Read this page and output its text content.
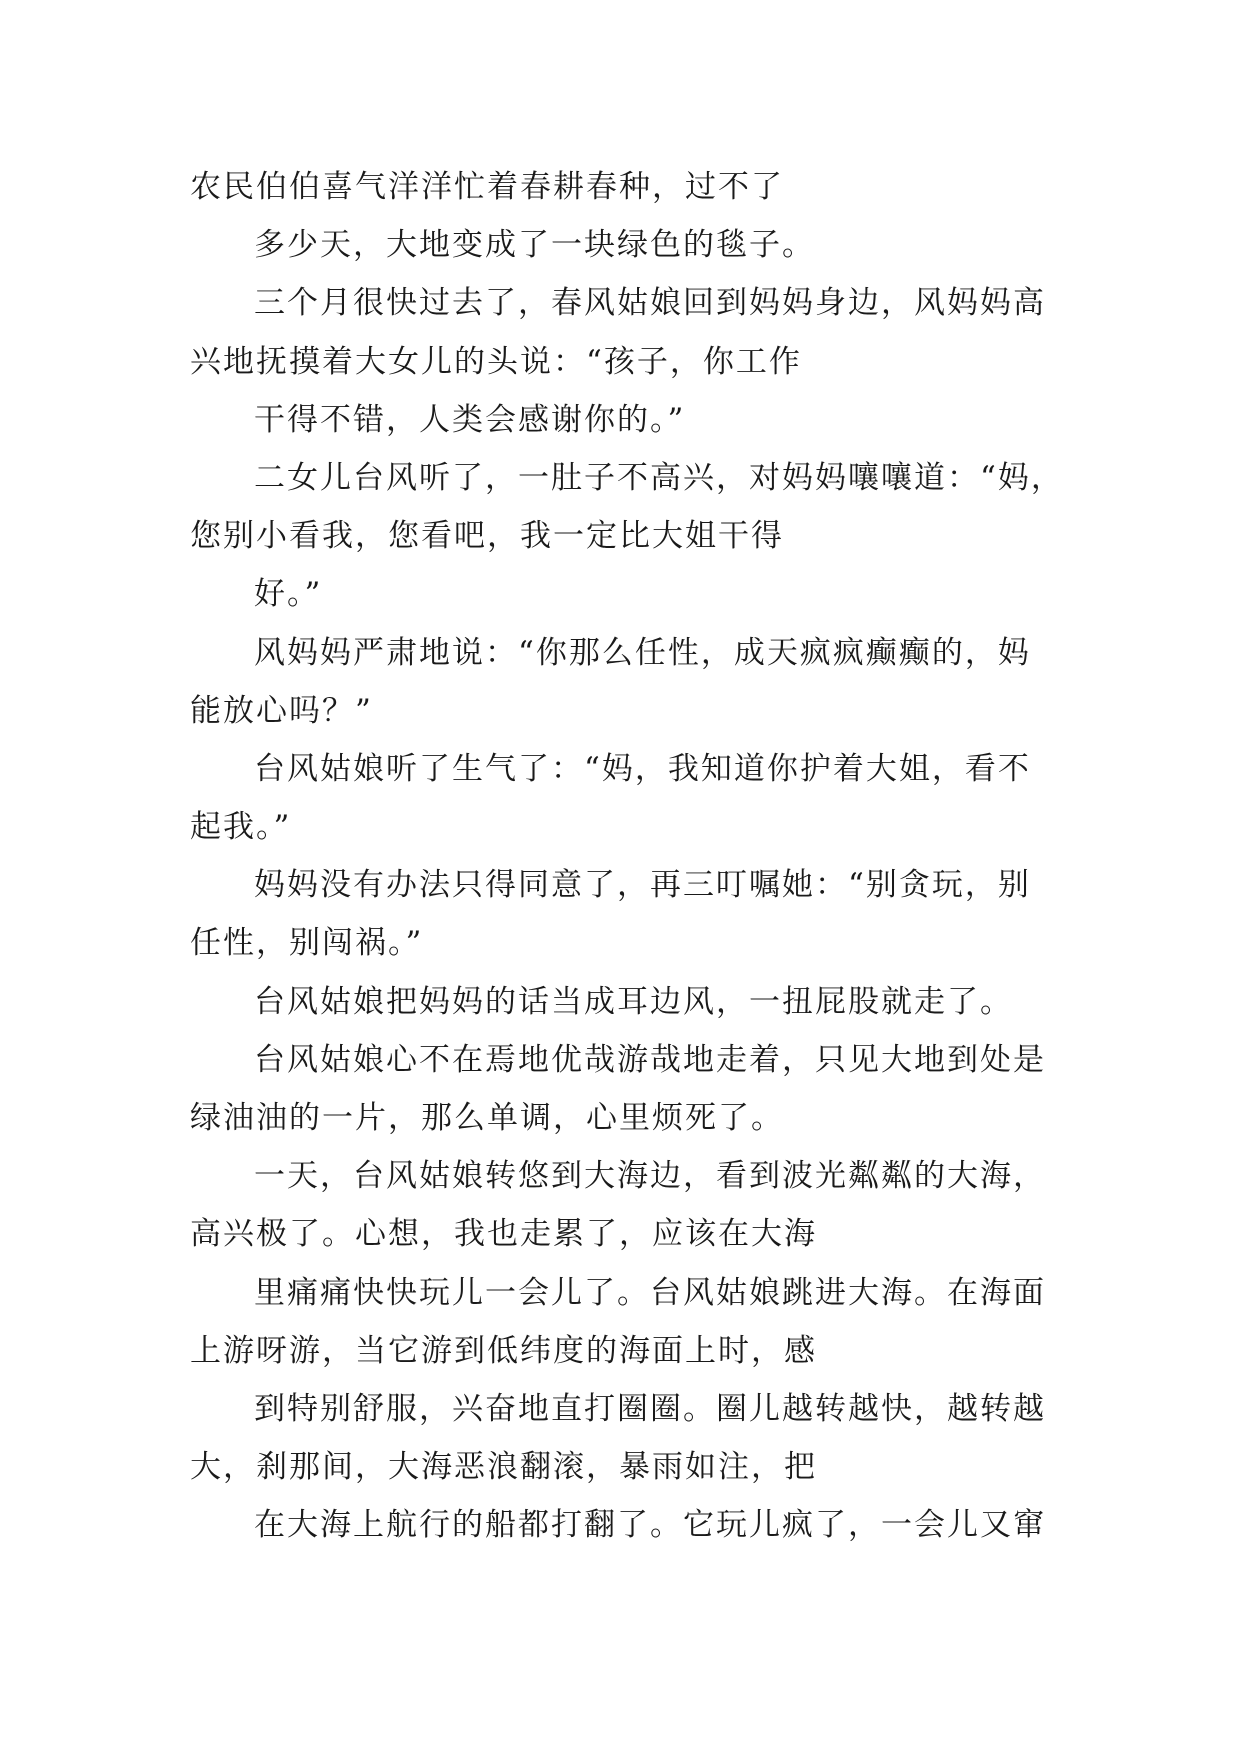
农民伯伯喜气洋洋忙着春耕春种，过不了
多少天，大地变成了一块绿色的毯子。
三个月很快过去了，春风姑娘回到妈妈身边，风妈妈高
兴地抚摸着大女儿的头说：“孩子，你工作
干得不错，人类会感谢你的。”
二女儿台风听了，一肚子不高兴，对妈妈嚷嚷道：“妈，
您别小看我，您看吧，我一定比大姐干得
好。”
风妈妈严肃地说：“你那么任性，成天疯疯癫癫的，妈
能放心吗？”
台风姑娘听了生气了：“妈，我知道你护着大姐，看不
起我。”
妈妈没有办法只得同意了，再三叮嘱她：“别贪玩，别
任性，别闯祸。”
台风姑娘把妈妈的话当成耳边风，一扭屁股就走了。
台风姑娘心不在焉地优哉游哉地走着，只见大地到处是
绿油油的一片，那么单调，心里烦死了。
一天，台风姑娘转悠到大海边，看到波光粼粼的大海，
高兴极了。心想，我也走累了，应该在大海
里痛痛快快玩儿一会儿了。台风姑娘跳进大海。在海面
上游呀游，当它游到低纬度的海面上时，感
到特别舒服，兴奋地直打圈圈。圈儿越转越快，越转越
大，刹那间，大海恶浪翻滚，暴雨如注，把
在大海上航行的船都打翻了。它玩儿疯了，一会儿又窜
